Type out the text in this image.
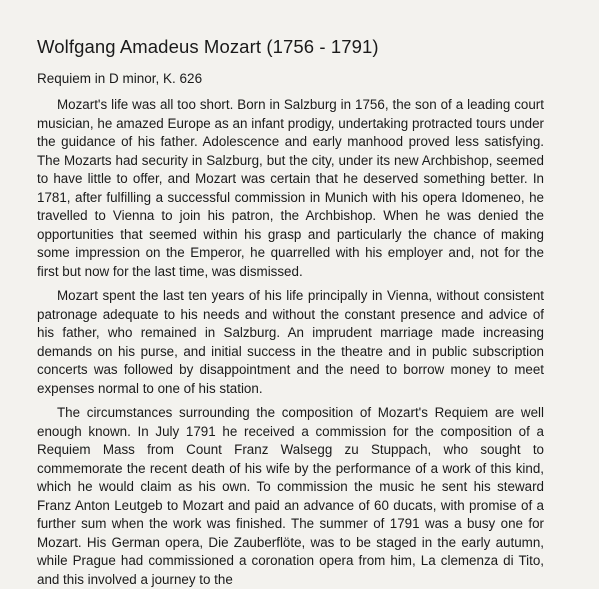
Wolfgang Amadeus Mozart (1756 - 1791)
Requiem in D minor, K. 626

Mozart's life was all too short. Born in Salzburg in 1756, the son of a leading court musician, he amazed Europe as an infant prodigy, undertaking protracted tours under the guidance of his father. Adolescence and early manhood proved less satisfying. The Mozarts had security in Salzburg, but the city, under its new Archbishop, seemed to have little to offer, and Mozart was certain that he deserved something better. In 1781, after fulfilling a successful commission in Munich with his opera Idomeneo, he travelled to Vienna to join his patron, the Archbishop. When he was denied the opportunities that seemed within his grasp and particularly the chance of making some impression on the Emperor, he quarrelled with his employer and, not for the first but now for the last time, was dismissed.

Mozart spent the last ten years of his life principally in Vienna, without consistent patronage adequate to his needs and without the constant presence and advice of his father, who remained in Salzburg. An imprudent marriage made increasing demands on his purse, and initial success in the theatre and in public subscription concerts was followed by disappointment and the need to borrow money to meet expenses normal to one of his station.

The circumstances surrounding the composition of Mozart's Requiem are well enough known. In July 1791 he received a commission for the composition of a Requiem Mass from Count Franz Walsegg zu Stuppach, who sought to commemorate the recent death of his wife by the performance of a work of this kind, which he would claim as his own. To commission the music he sent his steward Franz Anton Leutgeb to Mozart and paid an advance of 60 ducats, with promise of a further sum when the work was finished. The summer of 1791 was a busy one for Mozart. His German opera, Die Zauberflöte, was to be staged in the early autumn, while Prague had commissioned a coronation opera from him, La clemenza di Tito, and this involved a journey to the
